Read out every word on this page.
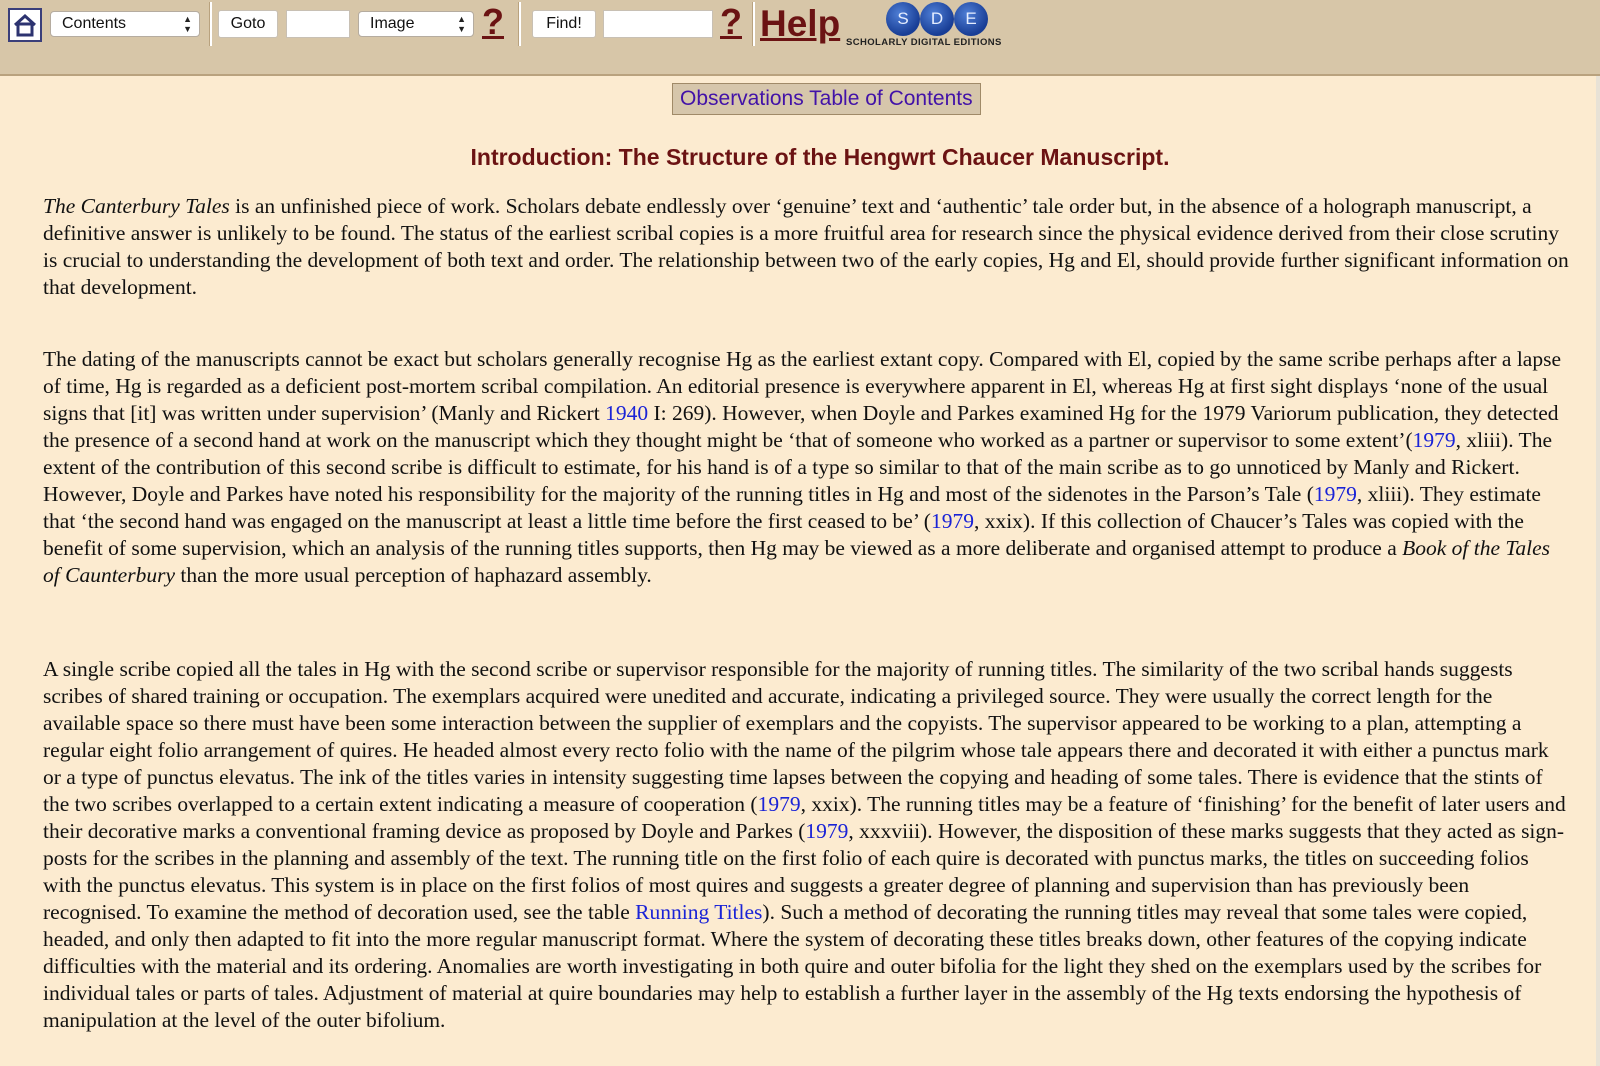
Contents	▲
▼	Goto	Image	▲
▼ ?	Find!	? Help	S	D	E
SCHOLARLY DIGITAL EDITIONS
Observations Table of Contents
Introduction: The Structure of the Hengwrt Chaucer Manuscript.

The Canterbury Tales is an unfinished piece of work. Scholars debate endlessly over ‘genuine’ text and ‘authentic’ tale order but, in the absence of a holograph manuscript, a definitive answer is unlikely to be found. The status of the earliest scribal copies is a more fruitful area for research since the physical evidence derived from their close scrutiny is crucial to understanding the development of both text and order. The relationship between two of the early copies, Hg and El, should provide further significant information on that development.

The dating of the manuscripts cannot be exact but scholars generally recognise Hg as the earliest extant copy. Compared with El, copied by the same scribe perhaps after a lapse of time, Hg is regarded as a deficient post-mortem scribal compilation. An editorial presence is everywhere apparent in El, whereas Hg at first sight displays ‘none of the usual signs that [it] was written under supervision’ (Manly and Rickert 1940 I: 269). However, when Doyle and Parkes examined Hg for the 1979 Variorum publication, they detected the presence of a second hand at work on the manuscript which they thought might be ‘that of someone who worked as a partner or supervisor to some extent’(1979, xliii). The extent of the contribution of this second scribe is difficult to estimate, for his hand is of a type so similar to that of the main scribe as to go unnoticed by Manly and Rickert. However, Doyle and Parkes have noted his responsibility for the majority of the running titles in Hg and most of the sidenotes in the Parson’s Tale (1979, xliii). They estimate that ‘the second hand was engaged on the manuscript at least a little time before the first ceased to be’ (1979, xxix). If this collection of Chaucer’s Tales was copied with the benefit of some supervision, which an analysis of the running titles supports, then Hg may be viewed as a more deliberate and organised attempt to produce a Book of the Tales of Caunterbury than the more usual perception of haphazard assembly.

A single scribe copied all the tales in Hg with the second scribe or supervisor responsible for the majority of running titles. The similarity of the two scribal hands suggests scribes of shared training or occupation. The exemplars acquired were unedited and accurate, indicating a privileged source. They were usually the correct length for the available space so there must have been some interaction between the supplier of exemplars and the copyists. The supervisor appeared to be working to a plan, attempting a regular eight folio arrangement of quires. He headed almost every recto folio with the name of the pilgrim whose tale appears there and decorated it with either a punctus mark or a type of punctus elevatus. The ink of the titles varies in intensity suggesting time lapses between the copying and heading of some tales. There is evidence that the stints of the two scribes overlapped to a certain extent indicating a measure of cooperation (1979, xxix). The running titles may be a feature of ‘finishing’ for the benefit of later users and their decorative marks a conventional framing device as proposed by Doyle and Parkes (1979, xxxviii). However, the disposition of these marks suggests that they acted as sign-posts for the scribes in the planning and assembly of the text. The running title on the first folio of each quire is decorated with punctus marks, the titles on succeeding folios with the punctus elevatus. This system is in place on the first folios of most quires and suggests a greater degree of planning and supervision than has previously been recognised. To examine the method of decoration used, see the table Running Titles). Such a method of decorating the running titles may reveal that some tales were copied, headed, and only then adapted to fit into the more regular manuscript format. Where the system of decorating these titles breaks down, other features of the copying indicate difficulties with the material and its ordering. Anomalies are worth investigating in both quire and outer bifolia for the light they shed on the exemplars used by the scribes for individual tales or parts of tales. Adjustment of material at quire boundaries may help to establish a further layer in the assembly of the Hg texts endorsing the hypothesis of manipulation at the level of the outer bifolium.
